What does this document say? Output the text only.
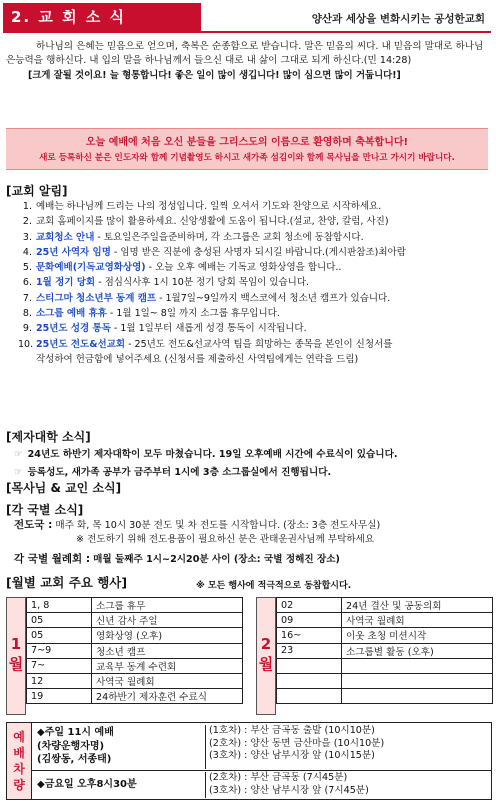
2. 교 회 소 식	양산과 세상을 변화시키는 공성한교회

하나님의 은혜는 믿음으로 얻으며, 축복은 순종함으로 받습니다. 말은 믿음의 씨다. 내 믿음의 말대로 하나님은능력을 행하신다. 내 입의 말을 하나님께서 들으신 대로 내 삶이 그대로 되게 하신다.(민 14:28)

[크게 잘될 것이요! 늘 형통합니다! 좋은 일이 많이 생깁니다! 많이 심으면 많이 거둡니다!]
오늘 예배에 처음 오신 분들을 그리스도의 이름으로 환영하며 축복합니다!
새로 등록하신 분은 인도자와 함께 기념촬영도 하시고 새가족 섬김이와 함께 목사님을 만나고 가시기 바랍니다.
[교회 알림]
1. 예배는 하나님께 드리는 나의 정성입니다. 일찍 오셔서 기도와 찬양으로 시작하세요.
2. 교회 홈페이지를 많이 활용하세요. 신앙생활에 도움이 됩니다.(설교, 찬양, 칼럼, 사진)
3. 교회청소 안내 - 토요일은주일을준비하며, 각 소그룹은 교회 청소에 동참합시다.
4. 25년 사역자 임명 - 임명 받은 직분에 충성된 사명자 되시길 바랍니다.(게시판참조)최아람
5. 문화예배(기독교영화상영) - 오늘 오후 예배는 기독교 영화상영을 합니다..
6. 1월 정기 당회 - 점심식사후 1시 10분 정기 당회 목임이 있습니다.
7. 스티그마 청소년부 동계 캠프 - 1월7일~9일까지 백스코에서 청소년 캠프가 있습니다.
8. 소그룹 예배 휴휴 - 1월 1일~ 8일 까지 소그룹 휴무입니다.
9. 25년도 성경 통독 - 1월 1일부터 새롭게 성경 통독이 시작됩니다.
10. 25년도 전도&선교회 - 25년도 전도&선교사역 팀을 희망하는 종목을 본인이 신청서를
작성하여 헌금함에 넣어주세요 (신청서를 제출하신 사역팀에게는 연락을 드림)
[제자대학 소식]
☞ 24년도 하반기 제자대학이 모두 마쳤습니다. 19일 오후예배 시간에 수료식이 있습니다.
☞ 등록성도, 새가족 공부가 금주부터 1시에 3층 소그룹실에서 진행됩니다.
[목사님 & 교인 소식]
[각 국별 소식]
전도국 : 매주 화, 목 10시 30분 전도 및 차 전도를 시작합니다. (장소: 3층 전도사무실)
※ 전도하기 위해 전도용품이 필요하신 분은 관태운권사님께 부탁하세요
각 국별 월례회 : 매월 둘째주 1시~2시20분 사이 (장소: 국별 정해진 장소)
[월별 교회 주요 행사]	※ 모든 행사에 적극적으로 동참합시다.
1월
1, 8	소그룹 휴무
05	신년 감사 주일
05	영화상영 (오후)
7~9	청소년 캠프
7~	교육부 동계 수련회
12	사역국 월례회
19	24하반기 제자훈련 수료식
2월
02	24년 결산 및 공동의회
09	사역국 월례회
16~	이웃 초청 미션시작
23	소그룹별 활동 (오후)

예
배
차
량
◆주일 11시 예배
(차량운행자명)
(김쌍동, 서종태)
(1호차) : 부산 금곡동 출발 (10시10분)
(2호차) : 양산 동면 금산마을 (10시10분)
(3호차) : 양산 남부시장 앞 (10시15분)
◆금요일 오후8시30분
(2호차) : 부산 금곡동 (7시45분)
(3호차) : 양산 남부시장 앞 (7시45분)
